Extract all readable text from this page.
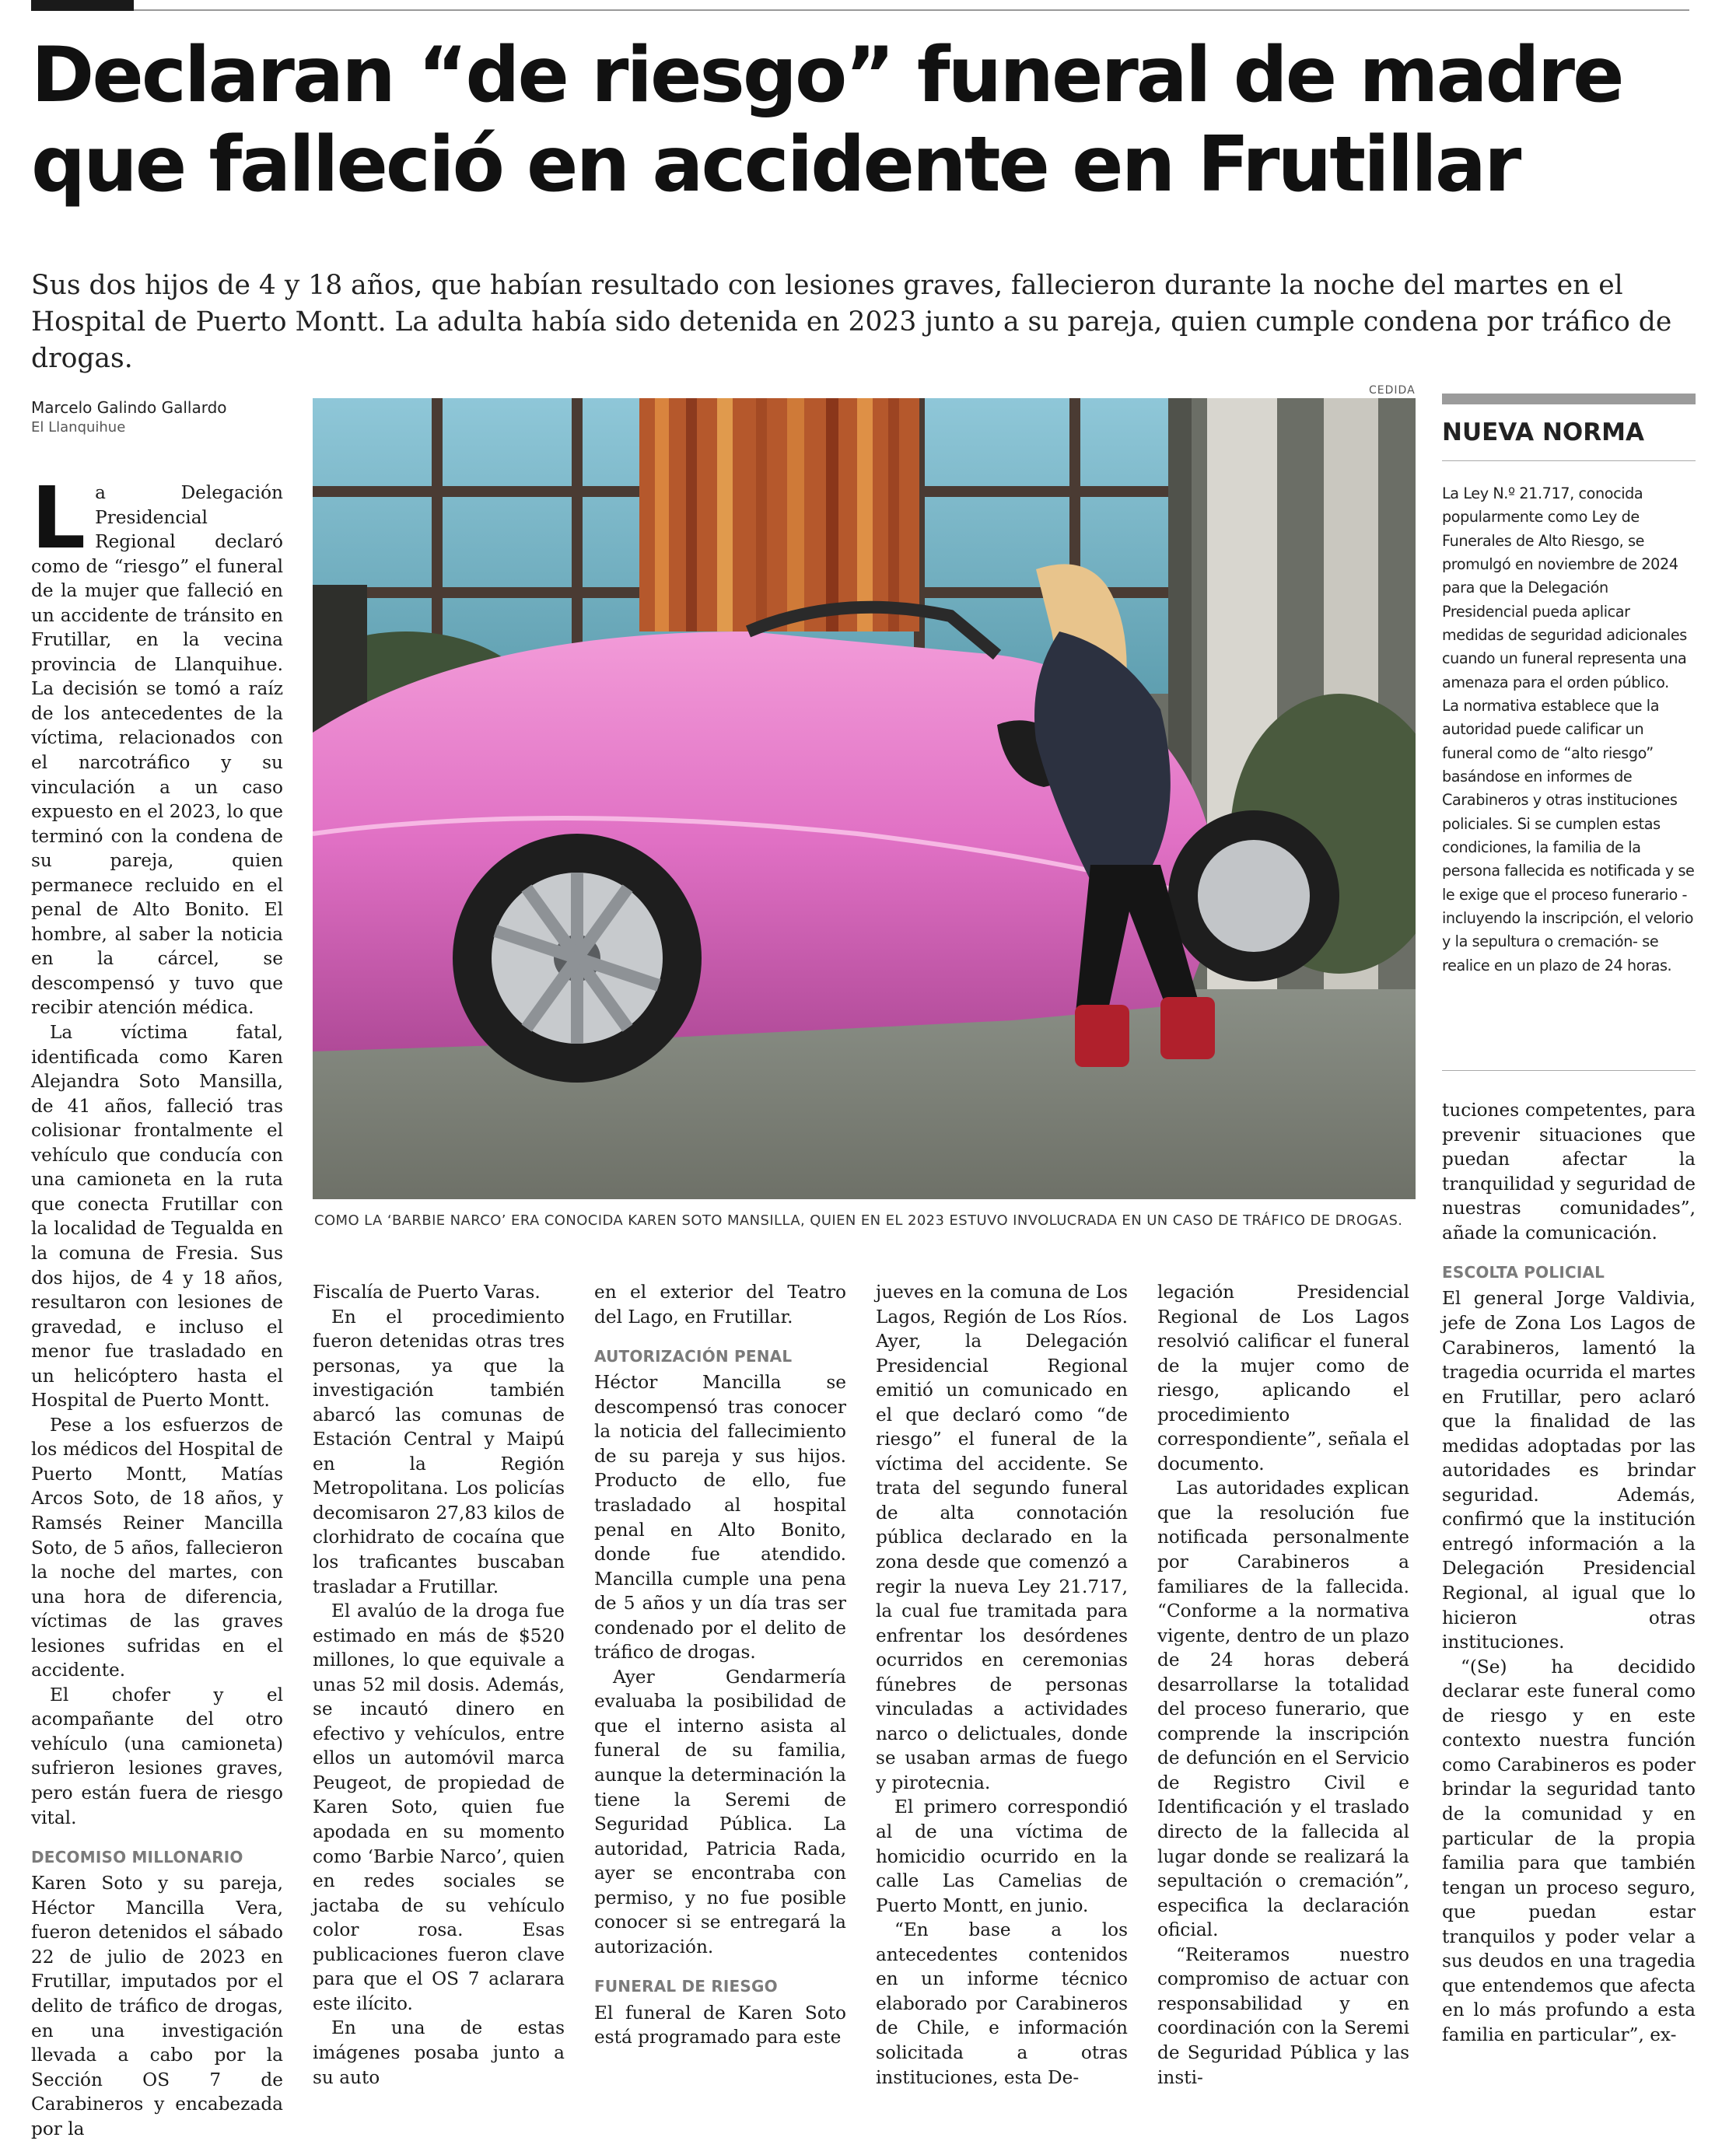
Declaran “de riesgo” funeral de madre
que falleció en accidente en Frutillar

Sus dos hijos de 4 y 18 años, que habían resultado con lesiones graves, fallecieron durante la noche del martes en el Hospital de Puerto Montt. La adulta había sido detenida en 2023 junto a su pareja, quien cumple condena por tráfico de drogas.

Marcelo Galindo Gallardo
El Llanquihue
L a Delegación Presidencial Regional declaró como de “riesgo” el funeral de la mujer que falleció en un accidente de tránsito en Frutillar, en la vecina provincia de Llanquihue. La decisión se tomó a raíz de los antecedentes de la víctima, relacionados con el narcotráfico y su vinculación a un caso expuesto en el 2023, lo que terminó con la condena de su pareja, quien permanece recluido en el penal de Alto Bonito. El hombre, al saber la noticia en la cárcel, se descompensó y tuvo que recibir atención médica.

La víctima fatal, identificada como Karen Alejandra Soto Mansilla, de 41 años, falleció tras colisionar frontalmente el vehículo que conducía con una camioneta en la ruta que conecta Frutillar con la localidad de Tegualda en la comuna de Fresia. Sus dos hijos, de 4 y 18 años, resultaron con lesiones de gravedad, e incluso el menor fue trasladado en un helicóptero hasta el Hospital de Puerto Montt.

Pese a los esfuerzos de los médicos del Hospital de Puerto Montt, Matías Arcos Soto, de 18 años, y Ramsés Reiner Mancilla Soto, de 5 años, fallecieron la noche del martes, con una hora de diferencia, víctimas de las graves lesiones sufridas en el accidente.

El chofer y el acompañante del otro vehículo (una camioneta) sufrieron lesiones graves, pero están fuera de riesgo vital.

DECOMISO MILLONARIO

Karen Soto y su pareja, Héctor Mancilla Vera, fueron detenidos el sábado 22 de julio de 2023 en Frutillar, imputados por el delito de tráfico de drogas, en una investigación llevada a cabo por la Sección OS 7 de Carabineros y encabezada por la

CEDIDA
COMO LA ‘BARBIE NARCO’ ERA CONOCIDA KAREN SOTO MANSILLA, QUIEN EN EL 2023 ESTUVO INVOLUCRADA EN UN CASO DE TRÁFICO DE DROGAS.

Fiscalía de Puerto Varas.

En el procedimiento fueron detenidas otras tres personas, ya que la investigación también abarcó las comunas de Estación Central y Maipú en la Región Metropolitana. Los policías decomisaron 27,83 kilos de clorhidrato de cocaína que los traficantes buscaban trasladar a Frutillar.

El avalúo de la droga fue estimado en más de $520 millones, lo que equivale a unas 52 mil dosis. Además, se incautó dinero en efectivo y vehículos, entre ellos un automóvil marca Peugeot, de propiedad de Karen Soto, quien fue apodada en su momento como ‘Barbie Narco’, quien en redes sociales se jactaba de su vehículo color rosa. Esas publicaciones fueron clave para que el OS 7 aclarara este ilícito.

En una de estas imágenes posaba junto a su auto

en el exterior del Teatro del Lago, en Frutillar.

AUTORIZACIÓN PENAL

Héctor Mancilla se descompensó tras conocer la noticia del fallecimiento de su pareja y sus hijos. Producto de ello, fue trasladado al hospital penal en Alto Bonito, donde fue atendido. Mancilla cumple una pena de 5 años y un día tras ser condenado por el delito de tráfico de drogas.

Ayer Gendarmería evaluaba la posibilidad de que el interno asista al funeral de su familia, aunque la determinación la tiene la Seremi de Seguridad Pública. La autoridad, Patricia Rada, ayer se encontraba con permiso, y no fue posible conocer si se entregará la autorización.

FUNERAL DE RIESGO

El funeral de Karen Soto está programado para este

jueves en la comuna de Los Lagos, Región de Los Ríos. Ayer, la Delegación Presidencial Regional emitió un comunicado en el que declaró como “de riesgo” el funeral de la víctima del accidente. Se trata del segundo funeral de alta connotación pública declarado en la zona desde que comenzó a regir la nueva Ley 21.717, la cual fue tramitada para enfrentar los desórdenes ocurridos en ceremonias fúnebres de personas vinculadas a actividades narco o delictuales, donde se usaban armas de fuego y pirotecnia.

El primero correspondió al de una víctima de homicidio ocurrido en la calle Las Camelias de Puerto Montt, en junio.

“En base a los antecedentes contenidos en un informe técnico elaborado por Carabineros de Chile, e información solicitada a otras instituciones, esta De-

legación Presidencial Regional de Los Lagos resolvió calificar el funeral de la mujer como de riesgo, aplicando el procedimiento correspondiente”, señala el documento.

Las autoridades explican que la resolución fue notificada personalmente por Carabineros a familiares de la fallecida. “Conforme a la normativa vigente, dentro de un plazo de 24 horas deberá desarrollarse la totalidad del proceso funerario, que comprende la inscripción de defunción en el Servicio de Registro Civil e Identificación y el traslado directo de la fallecida al lugar donde se realizará la sepultación o cremación”, especifica la declaración oficial.

“Reiteramos nuestro compromiso de actuar con responsabilidad y en coordinación con la Seremi de Seguridad Pública y las insti-

NUEVA NORMA

La Ley N.º 21.717, conocida popularmente como Ley de Funerales de Alto Riesgo, se promulgó en noviembre de 2024 para que la Delegación Presidencial pueda aplicar medidas de seguridad adicionales cuando un funeral representa una amenaza para el orden público.

La normativa establece que la autoridad puede calificar un funeral como de “alto riesgo” basándose en informes de Carabineros y otras instituciones policiales. Si se cumplen estas condiciones, la familia de la persona fallecida es notificada y se le exige que el proceso funerario -incluyendo la inscripción, el velorio y la sepultura o cremación- se realice en un plazo de 24 horas.

tuciones competentes, para prevenir situaciones que puedan afectar la tranquilidad y seguridad de nuestras comunidades”, añade la comunicación.

ESCOLTA POLICIAL

El general Jorge Valdivia, jefe de Zona Los Lagos de Carabineros, lamentó la tragedia ocurrida el martes en Frutillar, pero aclaró que la finalidad de las medidas adoptadas por las autoridades es brindar seguridad. Además, confirmó que la institución entregó información a la Delegación Presidencial Regional, al igual que lo hicieron otras instituciones.

“(Se) ha decidido declarar este funeral como de riesgo y en este contexto nuestra función como Carabineros es poder brindar la seguridad tanto de la comunidad y en particular de la propia familia para que también tengan un proceso seguro, que puedan estar tranquilos y poder velar a sus deudos en una tragedia que entendemos que afecta en lo más profundo a esta familia en particular”, ex-
